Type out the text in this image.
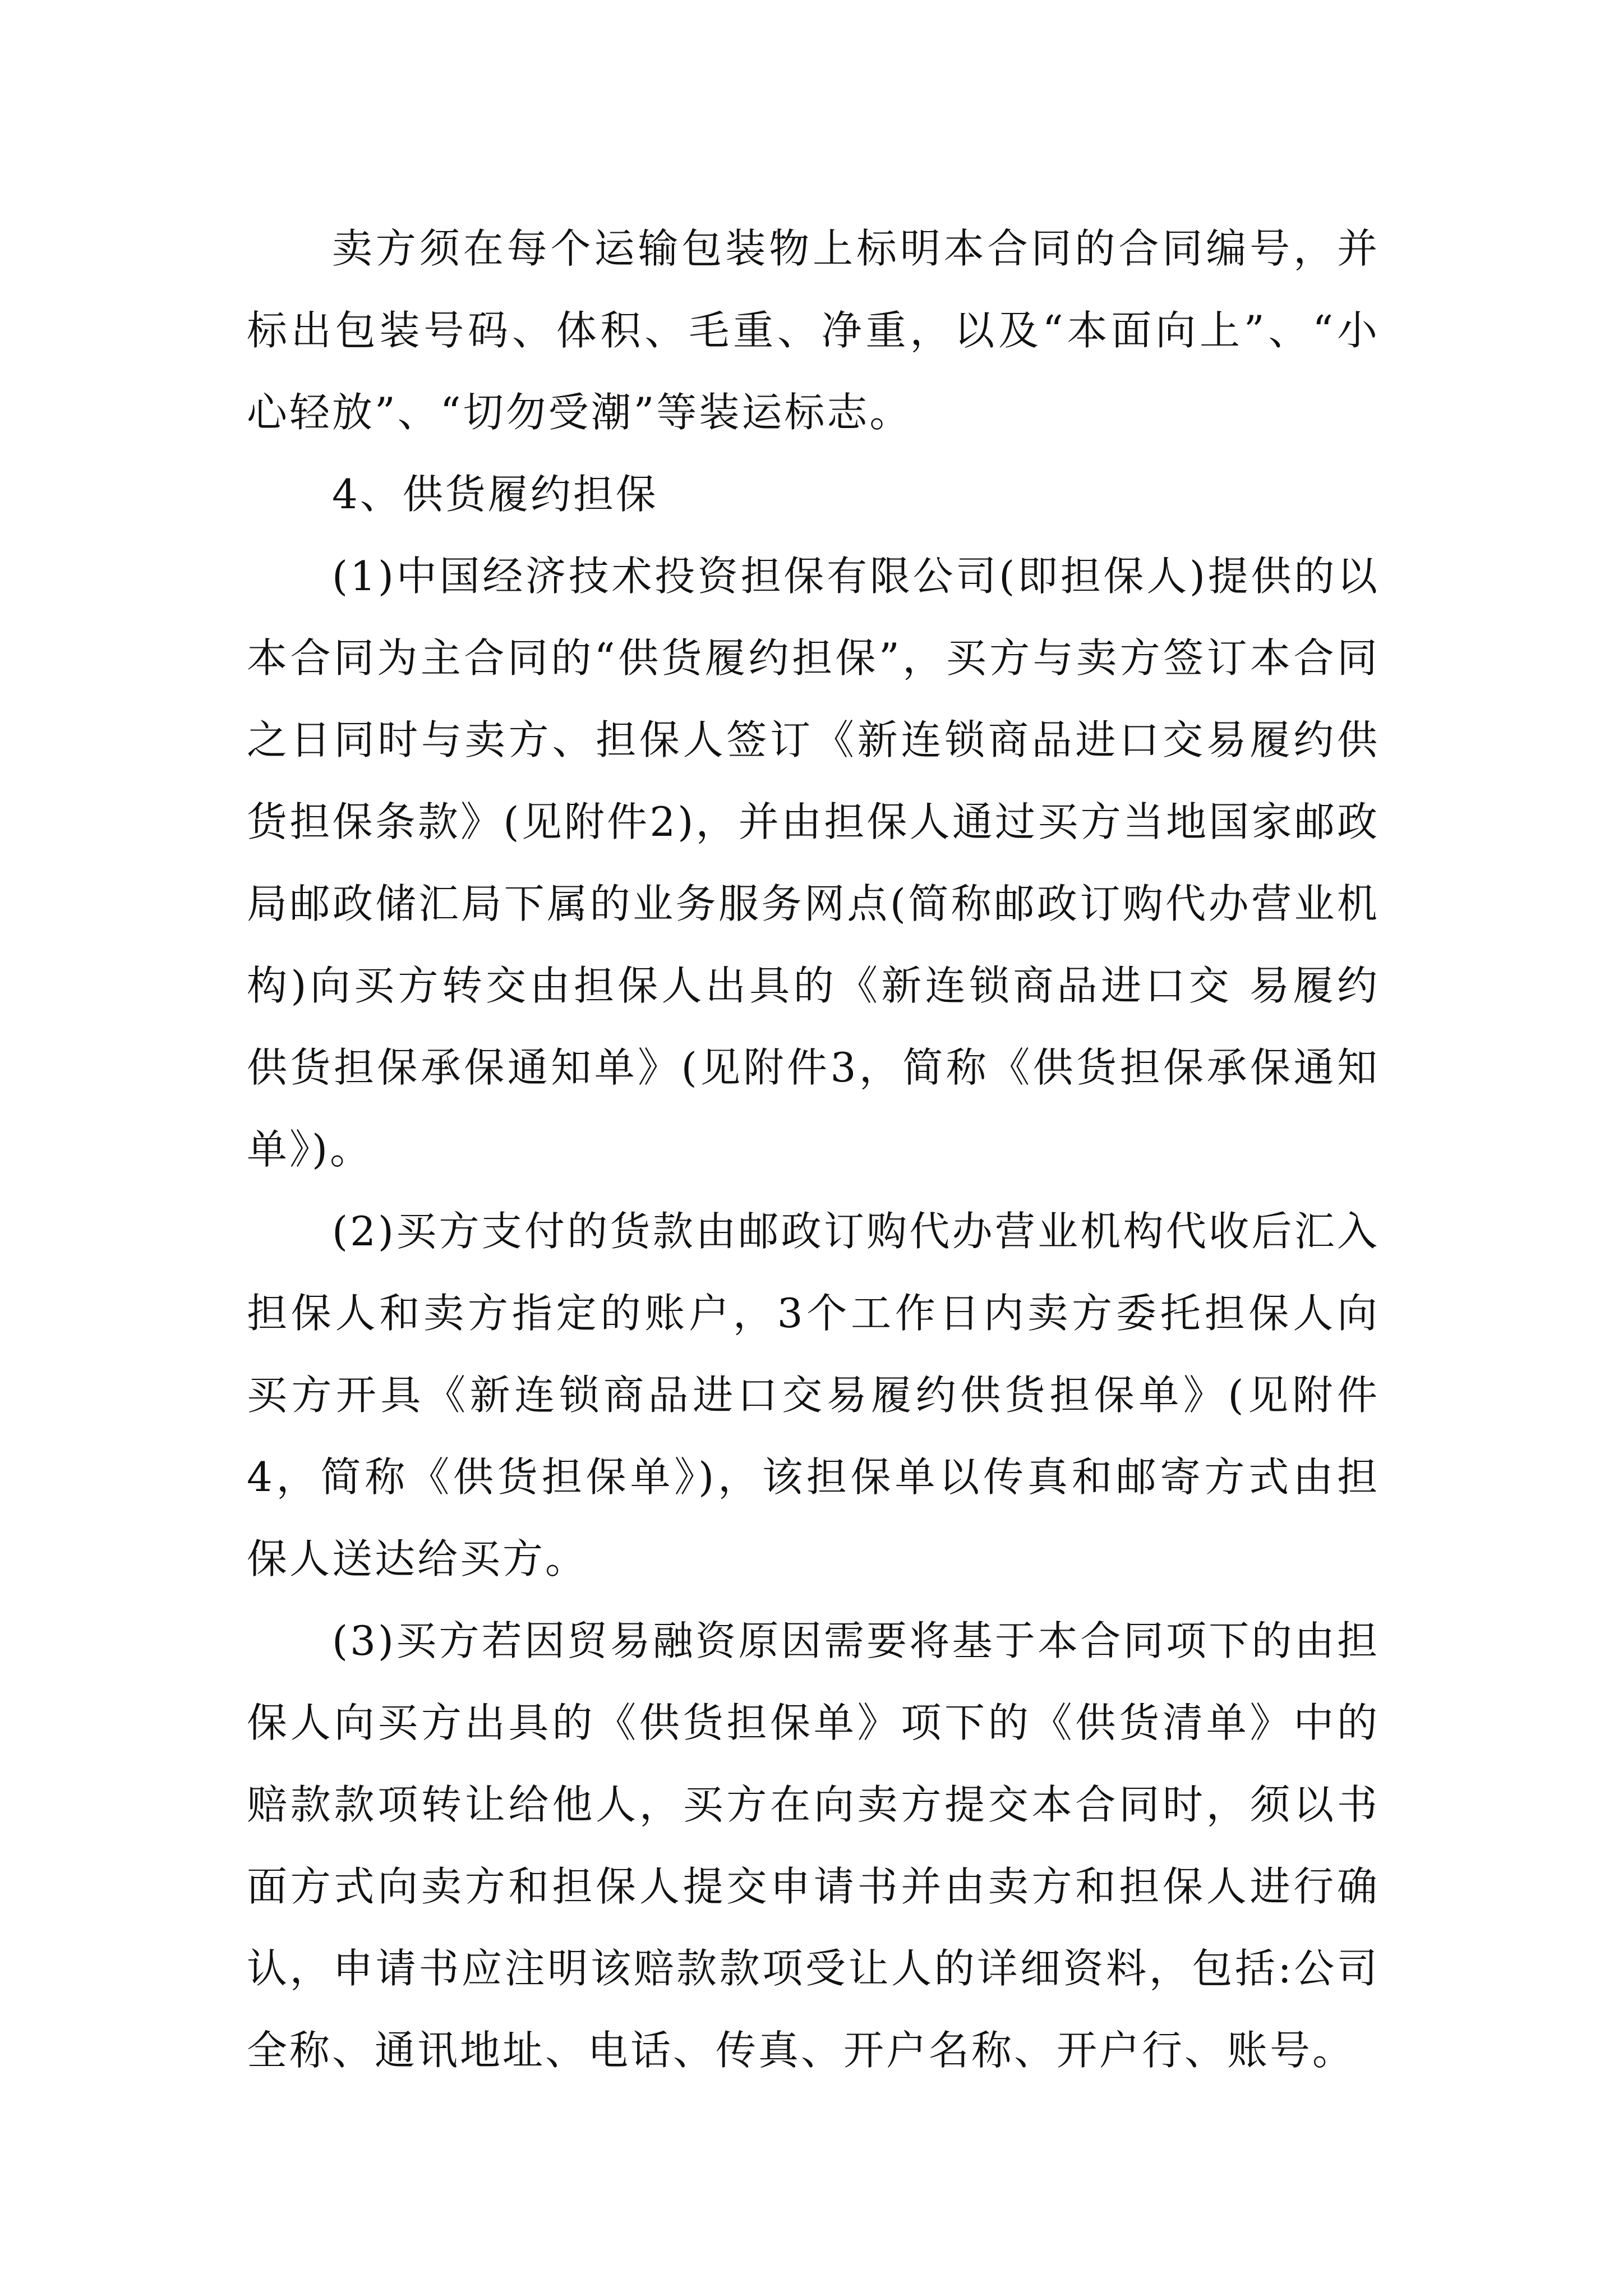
卖方须在每个运输包装物上标明本合同的合同编号，并标出包装号码、体积、毛重、净重，以及“本面向上”、“小心轻放”、“切勿受潮”等装运标志。

4、供货履约担保

(1)中国经济技术投资担保有限公司(即担保人)提供的以本合同为主合同的“供货履约担保”，买方与卖方签订本合同之日同时与卖方、担保人签订《新连锁商品进口交易履约供货担保条款》(见附件2)，并由担保人通过买方当地国家邮政局邮政储汇局下属的业务服务网点(简称邮政订购代办营业机构)向买方转交由担保人出具的《新连锁商品进口交 易履约供货担保承保通知单》(见附件3，简称《供货担保承保通知单》)。

(2)买方支付的货款由邮政订购代办营业机构代收后汇入担保人和卖方指定的账户，3个工作日内卖方委托担保人向买方开具《新连锁商品进口交易履约供货担保单》(见附件4，简称《供货担保单》)，该担保单以传真和邮寄方式由担保人送达给买方。

(3)买方若因贸易融资原因需要将基于本合同项下的由担保人向买方出具的《供货担保单》项下的《供货清单》中的赔款款项转让给他人，买方在向卖方提交本合同时，须以书面方式向卖方和担保人提交申请书并由卖方和担保人进行确认，申请书应注明该赔款款项受让人的详细资料，包括:公司全称、通讯地址、电话、传真、开户名称、开户行、账号。
